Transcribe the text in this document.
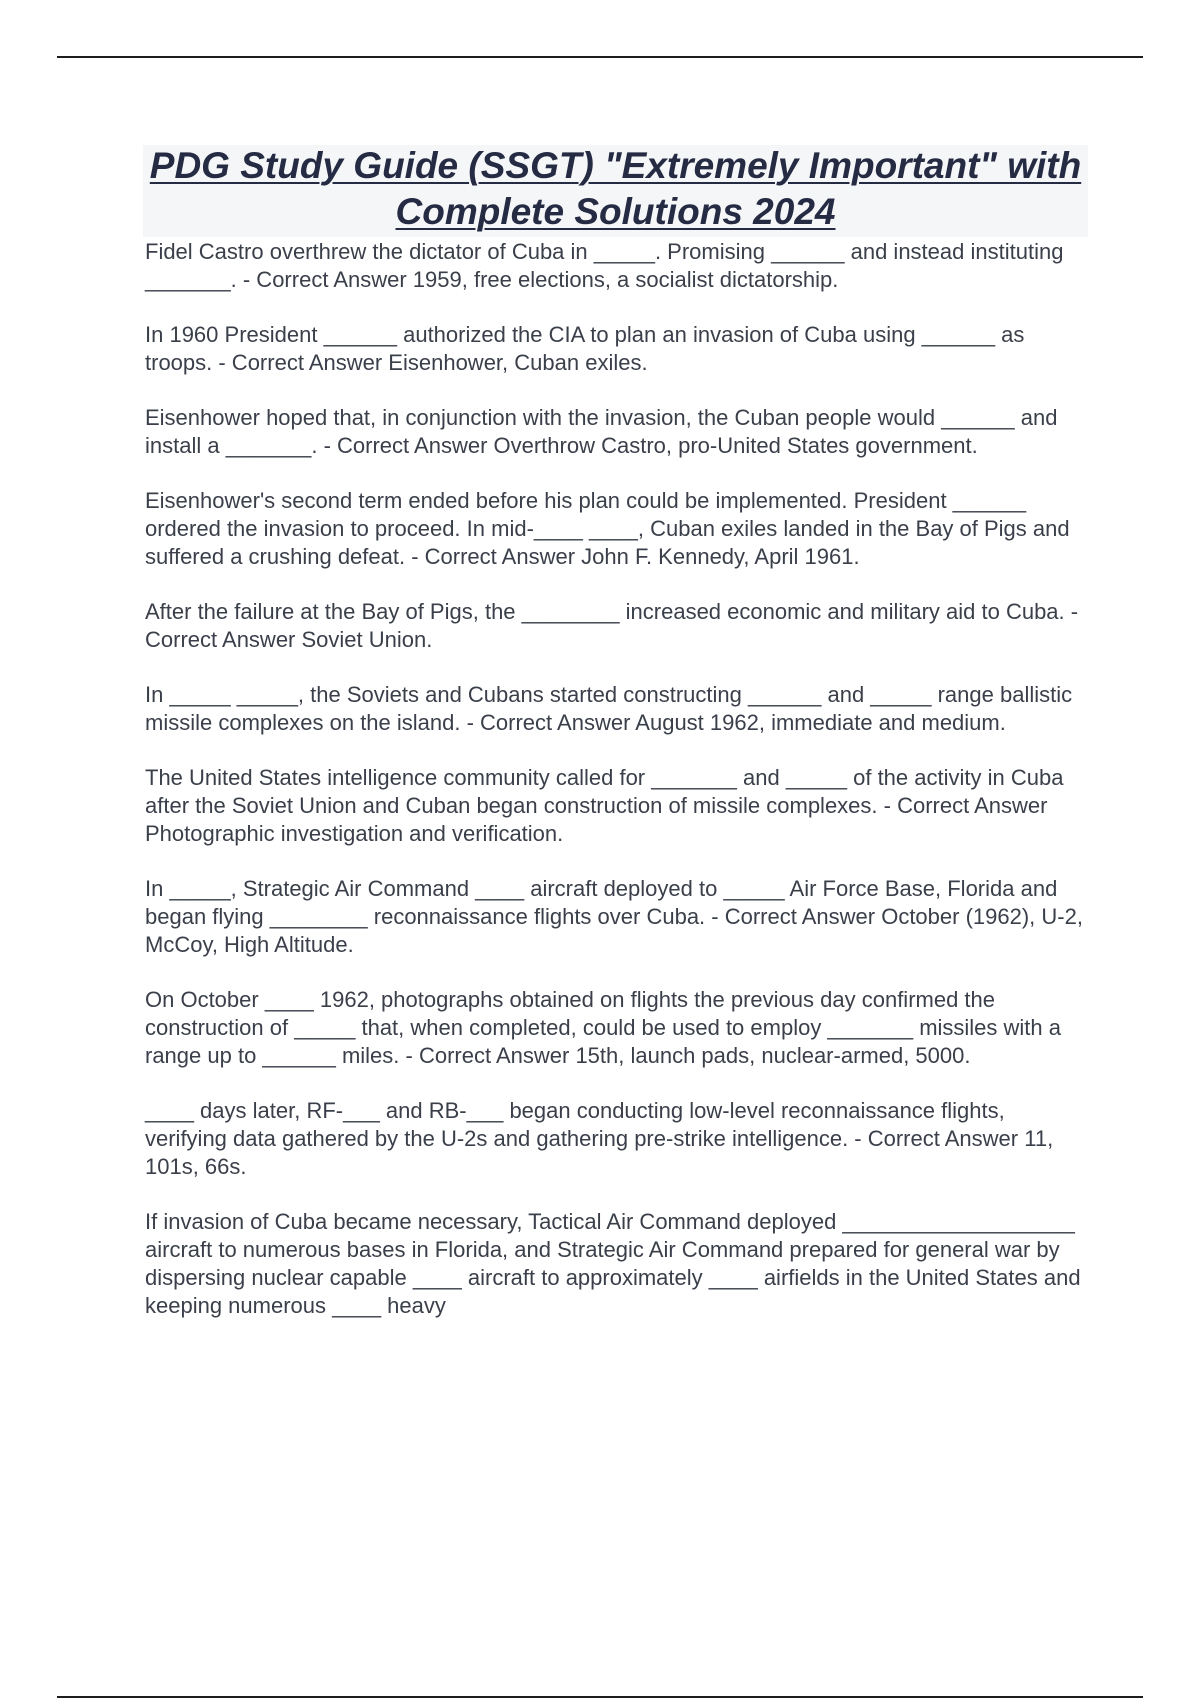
PDG Study Guide (SSGT) "Extremely Important" with Complete Solutions 2024

Fidel Castro overthrew the dictator of Cuba in _____. Promising ______ and instead instituting _______. - Correct Answer 1959, free elections, a socialist dictatorship.

In 1960 President ______ authorized the CIA to plan an invasion of Cuba using ______ as troops. - Correct Answer Eisenhower, Cuban exiles.

Eisenhower hoped that, in conjunction with the invasion, the Cuban people would ______ and install a _______. - Correct Answer Overthrow Castro, pro-United States government.

Eisenhower's second term ended before his plan could be implemented. President ______ ordered the invasion to proceed. In mid-____ ____, Cuban exiles landed in the Bay of Pigs and suffered a crushing defeat. - Correct Answer John F. Kennedy, April 1961.

After the failure at the Bay of Pigs, the ________ increased economic and military aid to Cuba. - Correct Answer Soviet Union.

In _____ _____, the Soviets and Cubans started constructing ______ and _____ range ballistic missile complexes on the island. - Correct Answer August 1962, immediate and medium.

The United States intelligence community called for _______ and _____ of the activity in Cuba after the Soviet Union and Cuban began construction of missile complexes. - Correct Answer Photographic investigation and verification.

In _____, Strategic Air Command ____ aircraft deployed to _____ Air Force Base, Florida and began flying ________ reconnaissance flights over Cuba. - Correct Answer October (1962), U-2, McCoy, High Altitude.

On October ____ 1962, photographs obtained on flights the previous day confirmed the construction of _____ that, when completed, could be used to employ _______ missiles with a range up to ______ miles. - Correct Answer 15th, launch pads, nuclear-armed, 5000.

____ days later, RF-___ and RB-___ began conducting low-level reconnaissance flights, verifying data gathered by the U-2s and gathering pre-strike intelligence. - Correct Answer 11, 101s, 66s.

If invasion of Cuba became necessary, Tactical Air Command deployed ___________________ aircraft to numerous bases in Florida, and Strategic Air Command prepared for general war by dispersing nuclear capable ____ aircraft to approximately ____ airfields in the United States and keeping numerous ____ heavy
